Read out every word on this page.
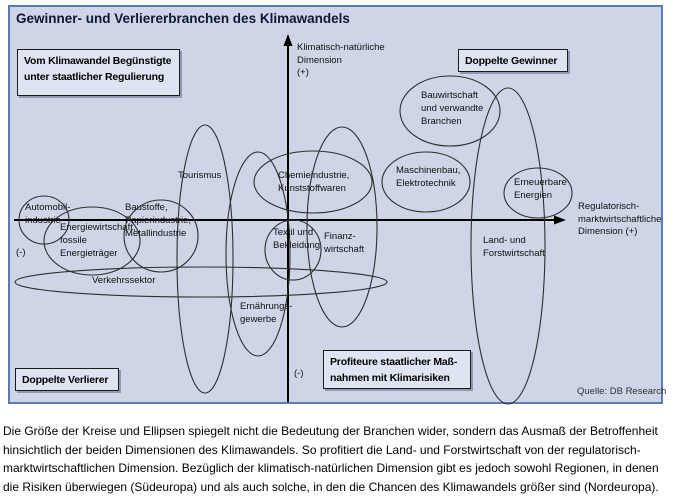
Gewinner- und Verliererbranchen des Klimawandels
Vom Klimawandel Begünstigte
unter staatlicher Regulierung
Doppelte Gewinner
Doppelte Verlierer
Profiteure staatlicher Maß-
nahmen mit Klimarisiken
Klimatisch-natürliche
Dimension
(+)
Regulatorisch-
marktwirtschaftliche
Dimension (+)
(-)
(-)
Automobil-
industrie
Energiewirtschaft,
fossile
Energieträger
Baustoffe,
Papierindustrie,
Metallindustrie
Verkehrssektor
Tourismus
Ernährungs-
gewerbe
Chemieindustrie,
Kunststoffwaren
Textil und
Bekleidung
Finanz-
wirtschaft
Bauwirtschaft
und verwandte
Branchen
Maschinenbau,
Elektrotechnik	Erneuerbare
Energien
Land- und
Forstwirtschaft
Quelle: DB Research

Die Größe der Kreise und Ellipsen spiegelt nicht die Bedeutung der Branchen wider, sondern das Ausmaß der Betroffenheit hinsichtlich der beiden Dimensionen des Klimawandels. So profitiert die Land- und Forstwirtschaft von der regulatorisch-marktwirtschaftlichen Dimension. Bezüglich der klimatisch-natürlichen Dimension gibt es jedoch sowohl Regionen, in denen die Risiken überwiegen (Südeuropa) und als auch solche, in den die Chancen des Klimawandels größer sind (Nordeuropa).
